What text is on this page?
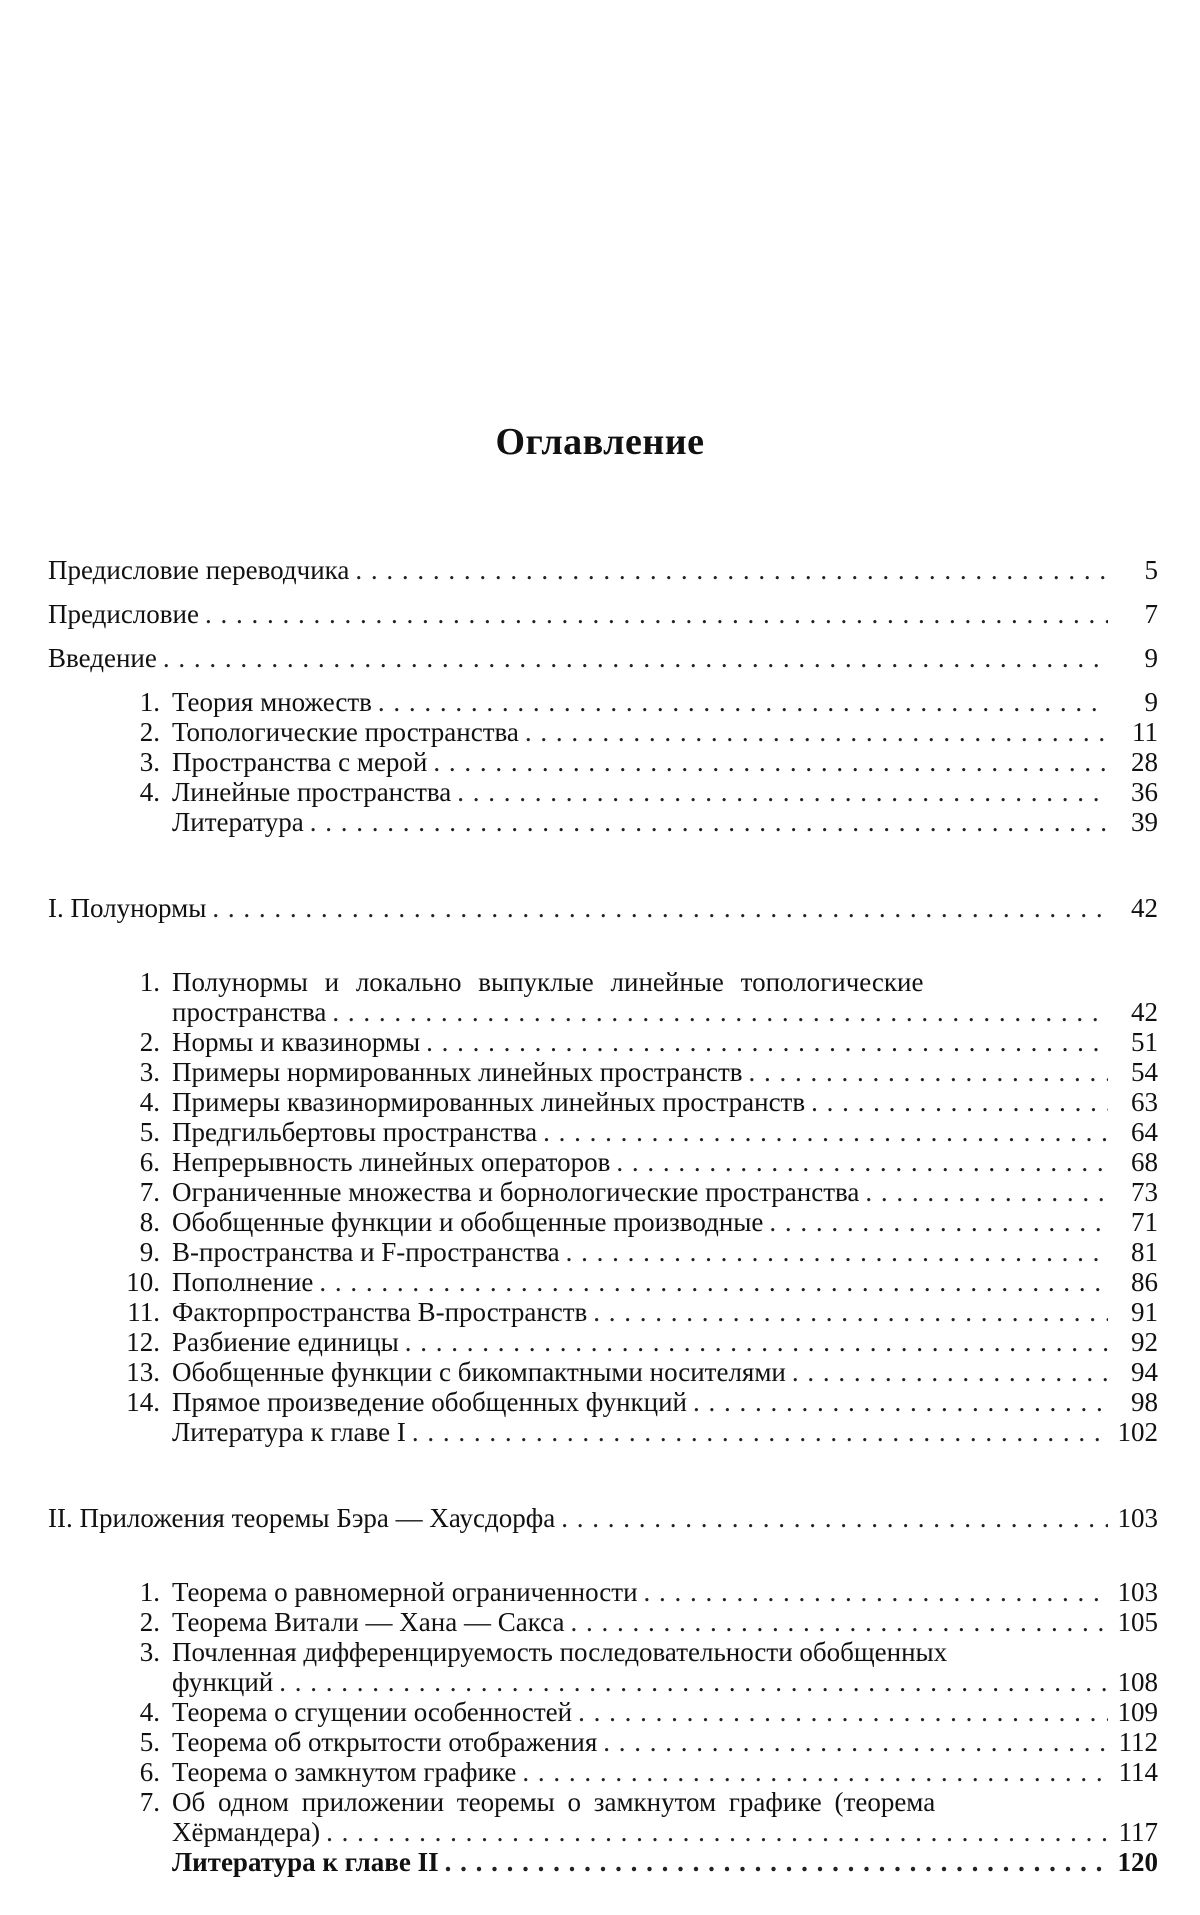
Оглавление
Предисловие переводчика . . .	5
Предисловие . . .	7
Введение . . .	9
1. Теория множеств . . .	9
2. Топологические пространства . . .	11
3. Пространства с мерой . . .	28
4. Линейные пространства . . .	36
Литература . . .	39
I. Полунормы . . .	42
1. Полунормы и локально выпуклые линейные топологические
пространства . . .	42
2. Нормы и квазинормы . . .	51
3. Примеры нормированных линейных пространств . . .	54
4. Примеры квазинормированных линейных пространств . . .	63
5. Предгильбертовы пространства . . .	64
6. Непрерывность линейных операторов . . .	68
7. Ограниченные множества и борнологические пространства . . .	73
8. Обобщенные функции и обобщенные производные . . .	71
9. B-пространства и F-пространства . . .	81
10. Пополнение . . .	86
11. Факторпространства B-пространств . . .	91
12. Разбиение единицы . . .	92
13. Обобщенные функции с бикомпактными носителями . . .	94
14. Прямое произведение обобщенных функций . . .	98
Литература к главе I . . .	102
II. Приложения теоремы Бэра — Хаусдорфа . . .	103
1. Теорема о равномерной ограниченности . . .	103
2. Теорема Витали — Хана — Сакса . . .	105
3. Почленная дифференцируемость последовательности обобщенных
функций . . .	108
4. Теорема о сгущении особенностей . . .	109
5. Теорема об открытости отображения . . .	112
6. Теорема о замкнутом графике . . .	114
7. Об одном приложении теоремы о замкнутом графике (теорема
Хёрмандера) . . .	117
Литература к главе II . . .	120
